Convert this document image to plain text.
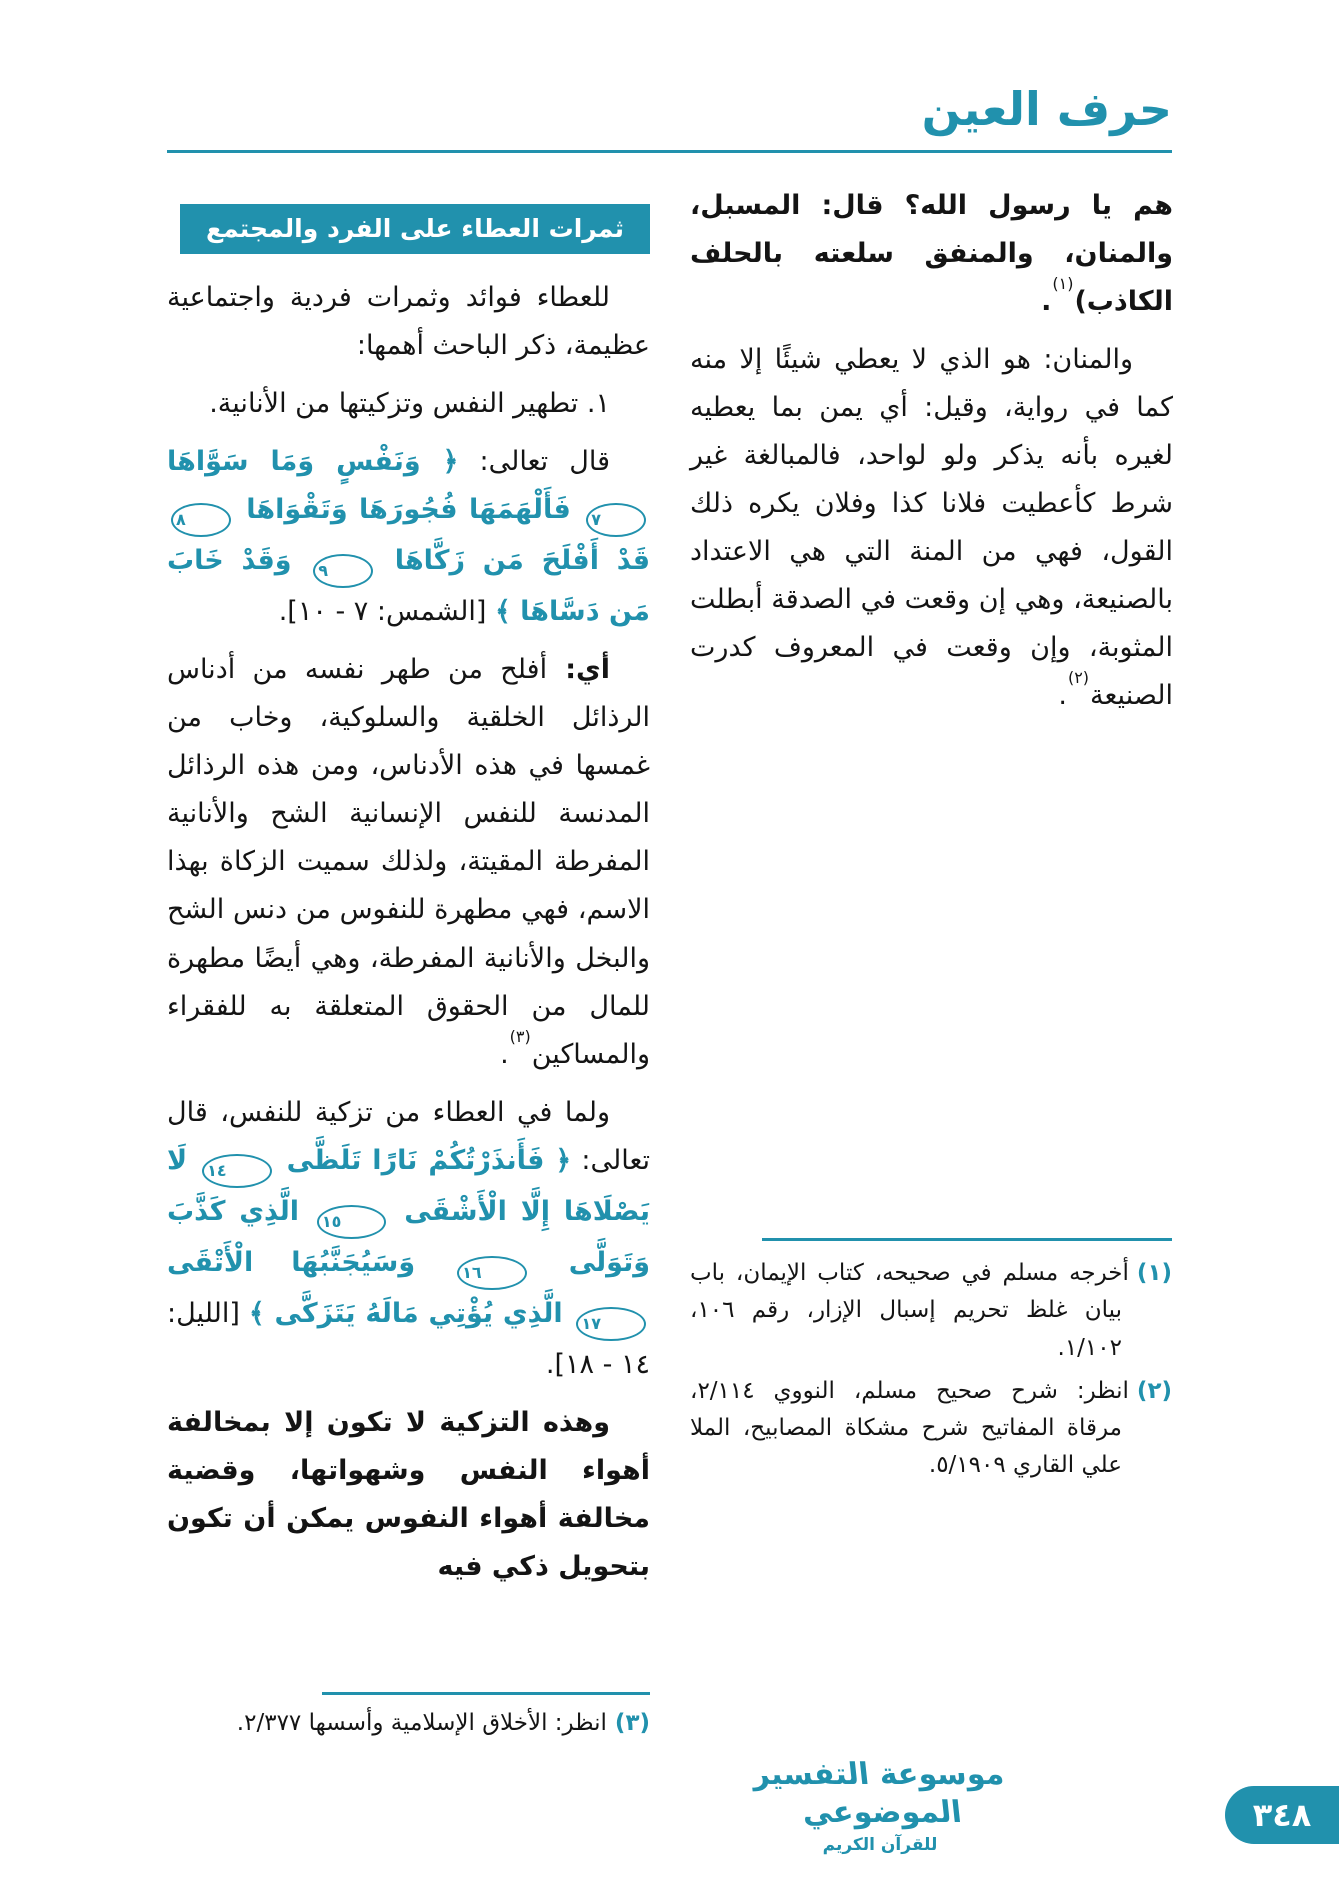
حرف العين

هم يا رسول الله؟ قال: المسبل، والمنان، والمنفق سلعته بالحلف الكاذب)$^{(١)}$.

والمنان: هو الذي لا يعطي شيئًا إلا منه كما في رواية، وقيل: أي يمن بما يعطيه لغيره بأنه يذكر ولو لواحد، فالمبالغة غير شرط كأعطيت فلانا كذا وفلان يكره ذلك القول، فهي من المنة التي هي الاعتداد بالصنيعة، وهي إن وقعت في الصدقة أبطلت المثوبة، وإن وقعت في المعروف كدرت الصنيعة$^{(٢)}$.

ثمرات العطاء على الفرد والمجتمع

للعطاء فوائد وثمرات فردية واجتماعية عظيمة، ذكر الباحث أهمها:

١. تطهير النفس وتزكيتها من الأنانية.

قال تعالى: ﴿ وَنَفْسٍ وَمَا سَوَّاهَا ٧ فَأَلْهَمَهَا فُجُورَهَا وَتَقْوَاهَا ٨ قَدْ أَفْلَحَ مَن زَكَّاهَا ٩ وَقَدْ خَابَ مَن دَسَّاهَا ﴾ [الشمس: ٧ - ١٠].

أي: أفلح من طهر نفسه من أدناس الرذائل الخلقية والسلوكية، وخاب من غمسها في هذه الأدناس، ومن هذه الرذائل المدنسة للنفس الإنسانية الشح والأنانية المفرطة المقيتة، ولذلك سميت الزكاة بهذا الاسم، فهي مطهرة للنفوس من دنس الشح والبخل والأنانية المفرطة، وهي أيضًا مطهرة للمال من الحقوق المتعلقة به للفقراء والمساكين$^{(٣)}$.

ولما في العطاء من تزكية للنفس، قال تعالى: ﴿ فَأَنذَرْتُكُمْ نَارًا تَلَظَّى ١٤ لَا يَصْلَاهَا إِلَّا الْأَشْقَى ١٥ الَّذِي كَذَّبَ وَتَوَلَّى ١٦ وَسَيُجَنَّبُهَا الْأَتْقَى ١٧ الَّذِي يُؤْتِي مَالَهُ يَتَزَكَّى ﴾ [الليل: ١٤ - ١٨].

وهذه التزكية لا تكون إلا بمخالفة أهواء النفس وشهواتها، وقضية مخالفة أهواء النفوس يمكن أن تكون بتحويل ذكي فيه

(١)أخرجه مسلم في صحيحه، كتاب الإيمان، باب بيان غلظ تحريم إسبال الإزار، رقم ١٠٦، ١/١٠٢.
(٢)انظر: شرح صحيح مسلم، النووي ٢/١١٤، مرقاة المفاتيح شرح مشكاة المصابيح، الملا علي القاري ٥/١٩٠٩.
(٣)انظر: الأخلاق الإسلامية وأسسها ٢/٣٧٧.
موسوعة التفسير الموضوعي
للقرآن الكريم
٣٤٨
